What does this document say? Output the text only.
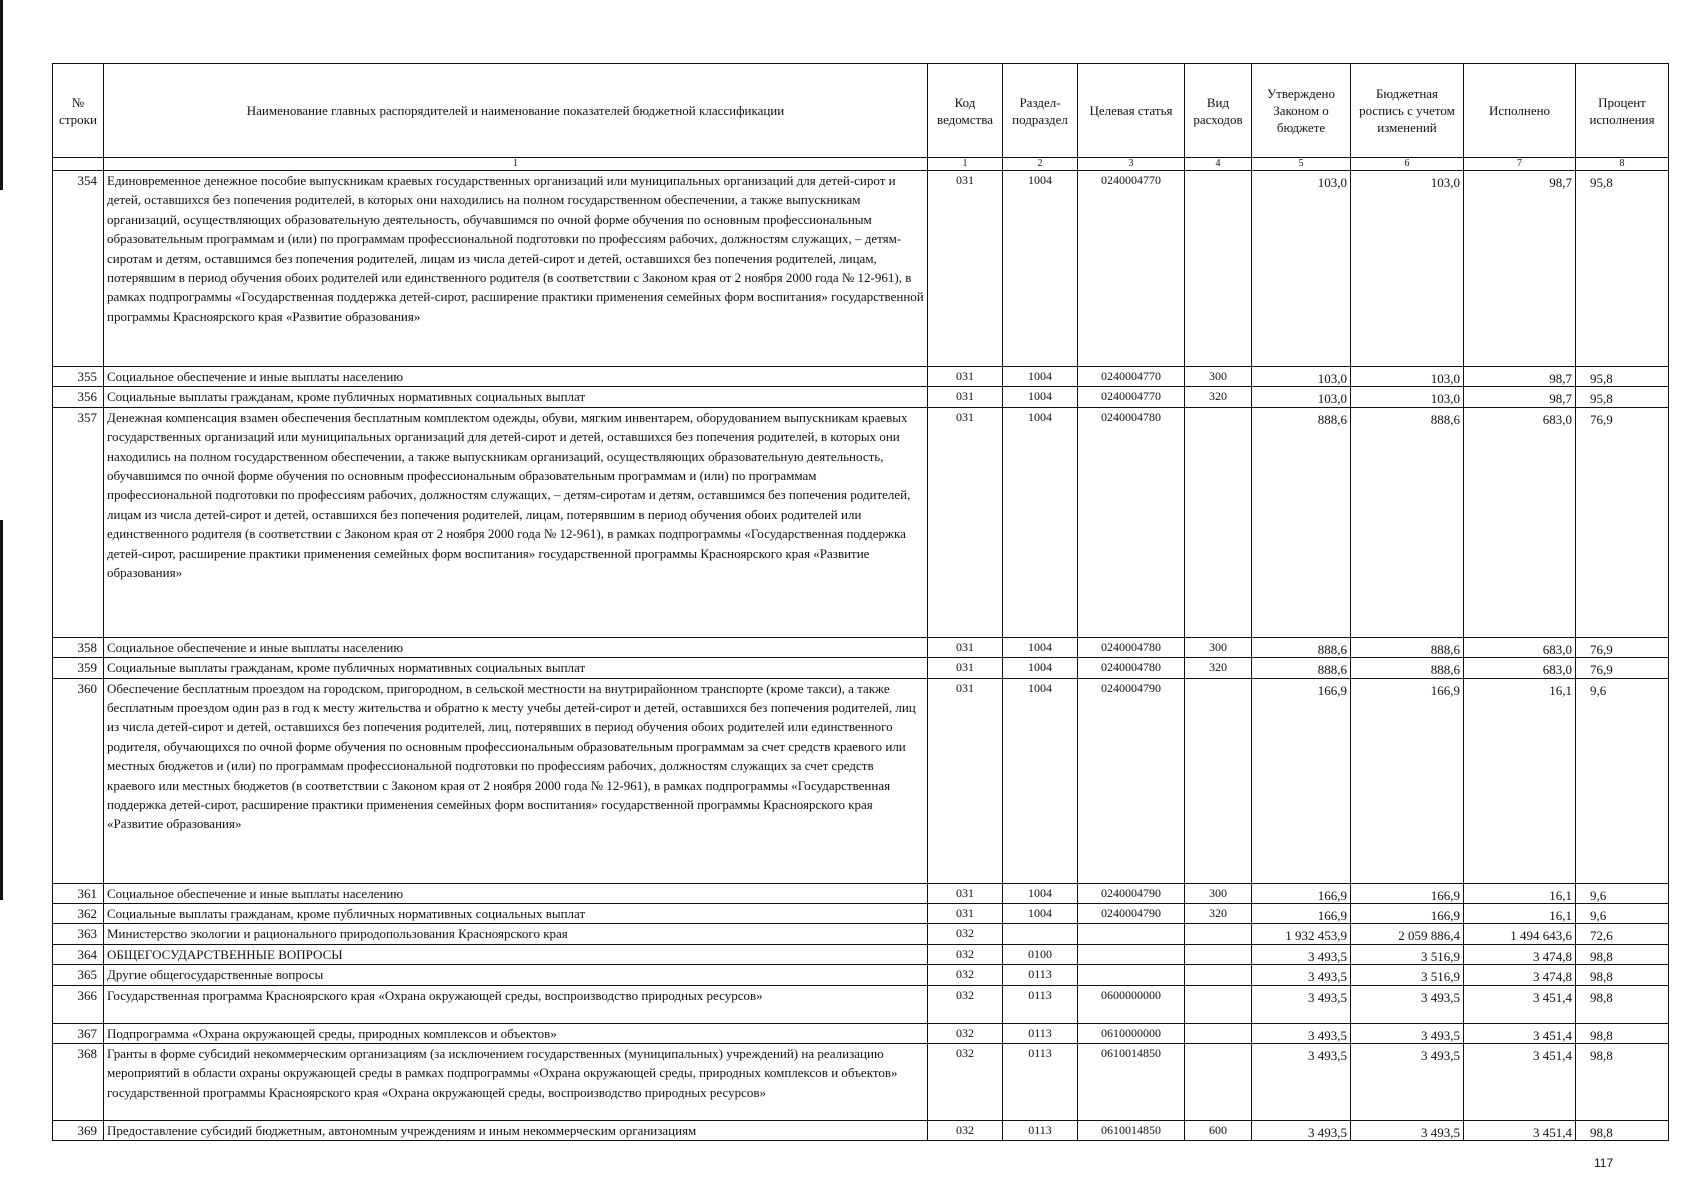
№ строки	Наименование главных распорядителей и наименование показателей бюджетной классификации	Код ведомства	Раздел-подраздел	Целевая статья	Вид расходов	Утверждено Законом о бюджете	Бюджетная роспись с учетом изменений	Исполнено	Процент исполнения
	1	1	2	3	4	5	6	7	8
354	Единовременное денежное пособие выпускникам краевых государственных организаций или муниципальных организаций для детей-сирот и детей, оставшихся без попечения родителей, в которых они находились на полном государственном обеспечении, а также выпускникам организаций, осуществляющих образовательную деятельность, обучавшимся по очной форме обучения по основным профессиональным образовательным программам и (или) по программам профессиональной подготовки по профессиям рабочих, должностям служащих, – детям-сиротам и детям, оставшимся без попечения родителей, лицам из числа детей-сирот и детей, оставшихся без попечения родителей, лицам, потерявшим в период обучения обоих родителей или единственного родителя (в соответствии с Законом края от 2 ноября 2000 года № 12-961), в рамках подпрограммы «Государственная поддержка детей-сирот, расширение практики применения семейных форм воспитания» государственной программы Красноярского края «Развитие образования»	031	1004	0240004770		103,0	103,0	98,7	95,8
355	Социальное обеспечение и иные выплаты населению	031	1004	0240004770	300	103,0	103,0	98,7	95,8
356	Социальные выплаты гражданам, кроме публичных нормативных социальных выплат	031	1004	0240004770	320	103,0	103,0	98,7	95,8
357	Денежная компенсация взамен обеспечения бесплатным комплектом одежды, обуви, мягким инвентарем, оборудованием выпускникам краевых государственных организаций или муниципальных организаций для детей-сирот и детей, оставшихся без попечения родителей, в которых они находились на полном государственном обеспечении, а также выпускникам организаций, осуществляющих образовательную деятельность, обучавшимся по очной форме обучения по основным профессиональным образовательным программам и (или) по программам профессиональной подготовки по профессиям рабочих, должностям служащих, – детям-сиротам и детям, оставшимся без попечения родителей, лицам из числа детей-сирот и детей, оставшихся без попечения родителей, лицам, потерявшим в период обучения обоих родителей или единственного родителя (в соответствии с Законом края от 2 ноября 2000 года № 12-961), в рамках подпрограммы «Государственная поддержка детей-сирот, расширение практики применения семейных форм воспитания» государственной программы Красноярского края «Развитие образования»	031	1004	0240004780		888,6	888,6	683,0	76,9
358	Социальное обеспечение и иные выплаты населению	031	1004	0240004780	300	888,6	888,6	683,0	76,9
359	Социальные выплаты гражданам, кроме публичных нормативных социальных выплат	031	1004	0240004780	320	888,6	888,6	683,0	76,9
360	Обеспечение бесплатным проездом на городском, пригородном, в сельской местности на внутрирайонном транспорте (кроме такси), а также бесплатным проездом один раз в год к месту жительства и обратно к месту учебы детей-сирот и детей, оставшихся без попечения родителей, лиц из числа детей-сирот и детей, оставшихся без попечения родителей, лиц, потерявших в период обучения обоих родителей или единственного родителя, обучающихся по очной форме обучения по основным профессиональным образовательным программам за счет средств краевого или местных бюджетов и (или) по программам профессиональной подготовки по профессиям рабочих, должностям служащих за счет средств краевого или местных бюджетов (в соответствии с Законом края от 2 ноября 2000 года № 12-961), в рамках подпрограммы «Государственная поддержка детей-сирот, расширение практики применения семейных форм воспитания» государственной программы Красноярского края «Развитие образования»	031	1004	0240004790		166,9	166,9	16,1	9,6
361	Социальное обеспечение и иные выплаты населению	031	1004	0240004790	300	166,9	166,9	16,1	9,6
362	Социальные выплаты гражданам, кроме публичных нормативных социальных выплат	031	1004	0240004790	320	166,9	166,9	16,1	9,6
363	Министерство экологии и рационального природопользования Красноярского края	032				1 932 453,9	2 059 886,4	1 494 643,6	72,6
364	ОБЩЕГОСУДАРСТВЕННЫЕ ВОПРОСЫ	032	0100			3 493,5	3 516,9	3 474,8	98,8
365	Другие общегосударственные вопросы	032	0113			3 493,5	3 516,9	3 474,8	98,8
366	Государственная программа Красноярского края «Охрана окружающей среды, воспроизводство природных ресурсов»	032	0113	0600000000		3 493,5	3 493,5	3 451,4	98,8
367	Подпрограмма «Охрана окружающей среды, природных комплексов и объектов»	032	0113	0610000000		3 493,5	3 493,5	3 451,4	98,8
368	Гранты в форме субсидий некоммерческим организациям (за исключением государственных (муниципальных) учреждений) на реализацию мероприятий в области охраны окружающей среды в рамках подпрограммы «Охрана окружающей среды, природных комплексов и объектов» государственной программы Красноярского края «Охрана окружающей среды, воспроизводство природных ресурсов»	032	0113	0610014850		3 493,5	3 493,5	3 451,4	98,8
369	Предоставление субсидий бюджетным, автономным учреждениям и иным некоммерческим организациям	032	0113	0610014850	600	3 493,5	3 493,5	3 451,4	98,8
117
